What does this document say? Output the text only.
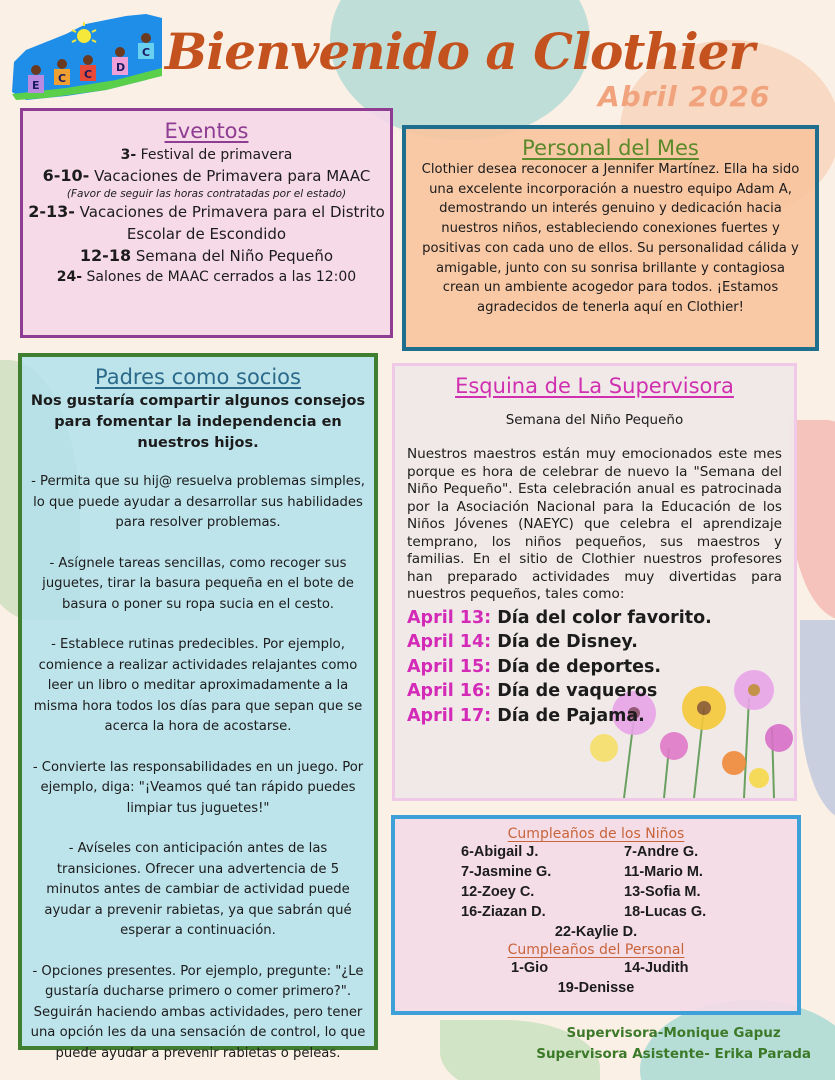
E
C C
D
C Bienvenido a Clothier
Abril 2026
Eventos
3- Festival de primavera
6-10- Vacaciones de Primavera para MAAC
(Favor de seguir las horas contratadas por el estado)
2-13- Vacaciones de Primavera para el Distrito Escolar de Escondido
12-18 Semana del Niño Pequeño
24- Salones de MAAC cerrados a las 12:00
Personal del Mes

Clothier desea reconocer a Jennifer Martínez. Ella ha sido una excelente incorporación a nuestro equipo Adam A, demostrando un interés genuino y dedicación hacia nuestros niños, estableciendo conexiones fuertes y positivas con cada uno de ellos. Su personalidad cálida y amigable, junto con su sonrisa brillante y contagiosa crean un ambiente acogedor para todos. ¡Estamos agradecidos de tenerla aquí en Clothier!

Padres como socios
Nos gustaría compartir algunos consejos para fomentar la independencia en nuestros hijos.

- Permita que su hij@ resuelva problemas simples, lo que puede ayudar a desarrollar sus habilidades para resolver problemas.

- Asígnele tareas sencillas, como recoger sus juguetes, tirar la basura pequeña en el bote de basura o poner su ropa sucia en el cesto.

- Establece rutinas predecibles. Por ejemplo, comience a realizar actividades relajantes como leer un libro o meditar aproximadamente a la misma hora todos los días para que sepan que se acerca la hora de acostarse.

- Convierte las responsabilidades en un juego. Por ejemplo, diga: "¡Veamos qué tan rápido puedes limpiar tus juguetes!"

- Avíseles con anticipación antes de las transiciones. Ofrecer una advertencia de 5 minutos antes de cambiar de actividad puede ayudar a prevenir rabietas, ya que sabrán qué esperar a continuación.

- Opciones presentes. Por ejemplo, pregunte: "¿Le gustaría ducharse primero o comer primero?". Seguirán haciendo ambas actividades, pero tener una opción les da una sensación de control, lo que puede ayudar a prevenir rabietas o peleas.

Esquina de La Supervisora
Semana del Niño Pequeño

Nuestros maestros están muy emocionados este mes porque es hora de celebrar de nuevo la "Semana del Niño Pequeño". Esta celebración anual es patrocinada por la Asociación Nacional para la Educación de los Niños Jóvenes (NAEYC) que celebra el aprendizaje temprano, los niños pequeños, sus maestros y familias. En el sitio de Clothier nuestros profesores han preparado actividades muy divertidas para nuestros pequeños, tales como:

April 13: Día del color favorito.
April 14: Día de Disney.
April 15: Día de deportes.
April 16: Día de vaqueros
April 17: Día de Pajama.
Cumpleaños de los Niños
6-Abigail J.	7-Andre G.
7-Jasmine G.	11-Mario M.
12-Zoey C.	13-Sofia M.
16-Ziazan D.	18-Lucas G.
22-Kaylie D.
Cumpleaños del Personal
1-Gio	14-Judith
19-Denisse
Supervisora-Monique Gapuz
Supervisora Asistente- Erika Parada
